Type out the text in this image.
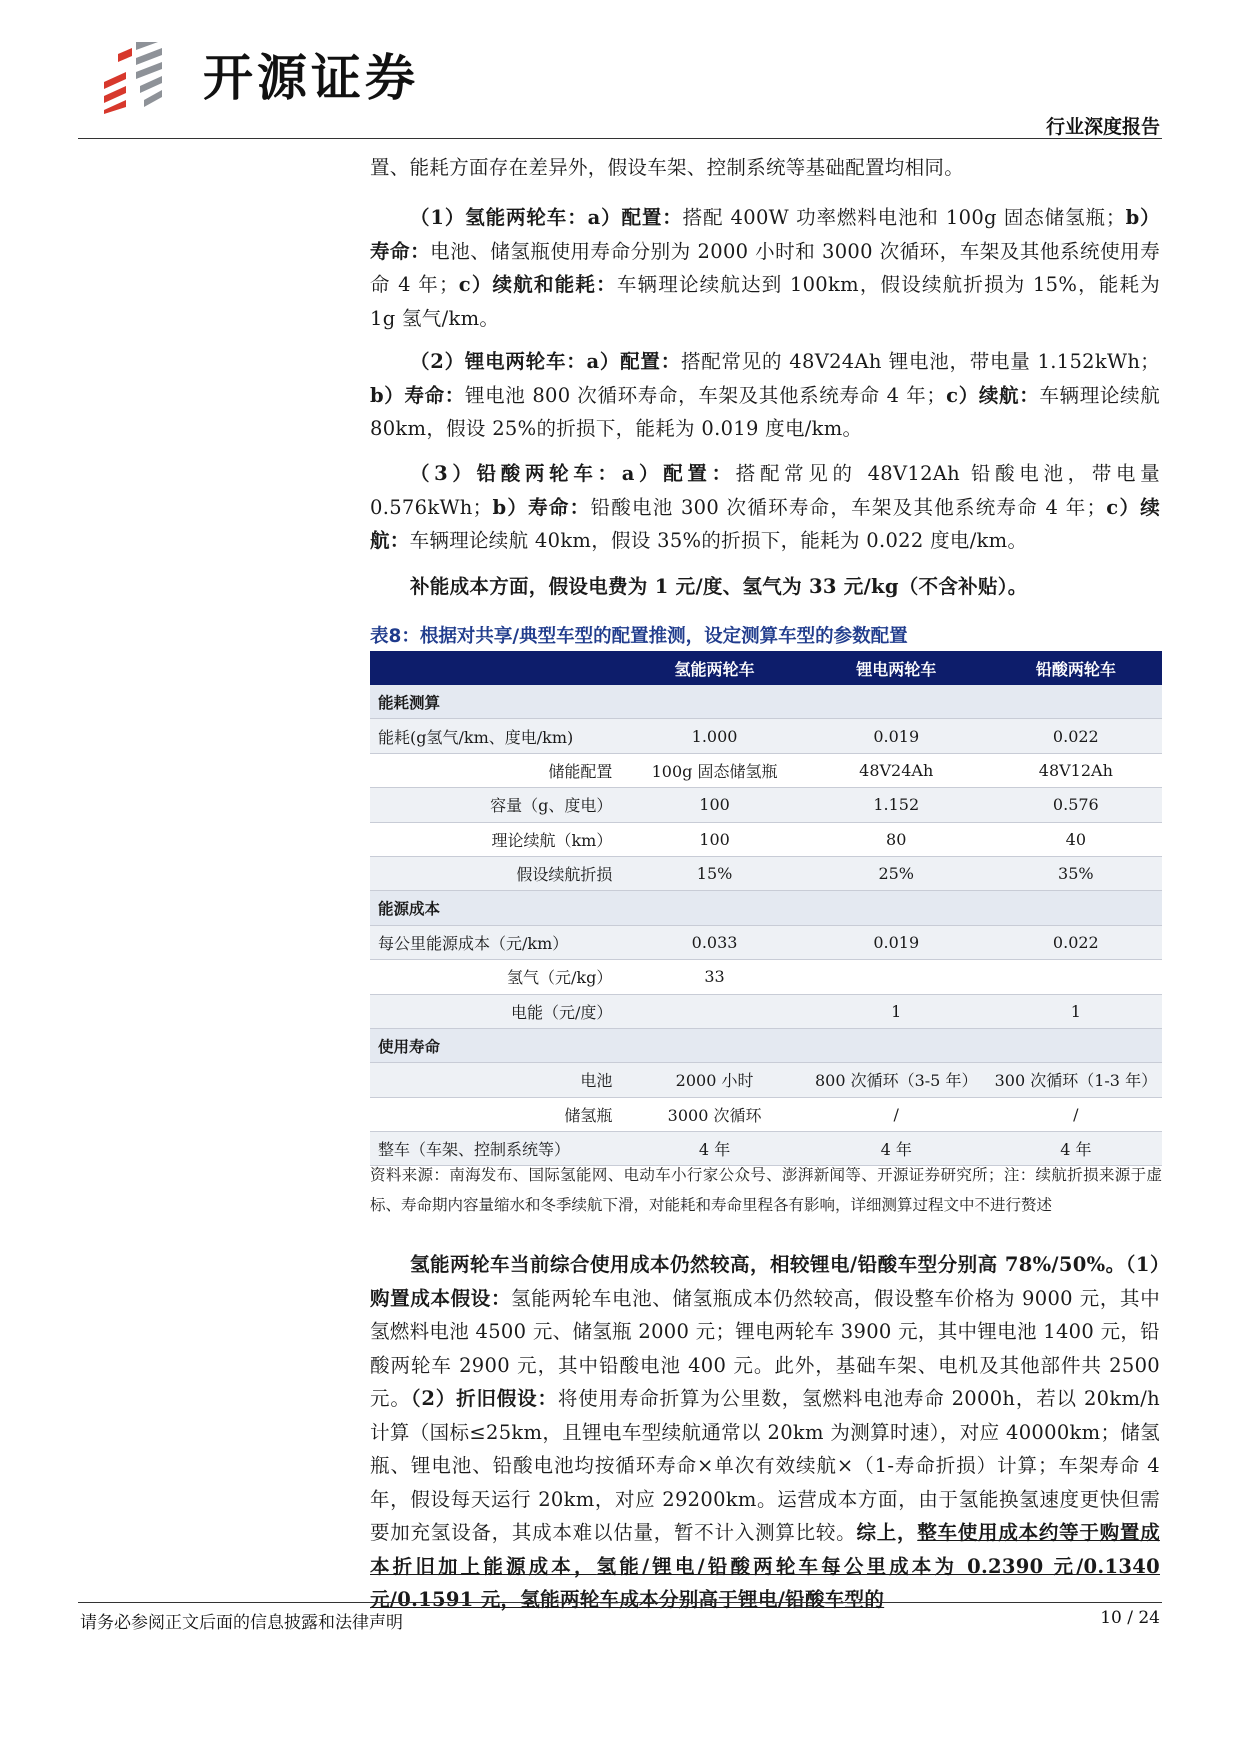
开源证券
行业深度报告
置、能耗方面存在差异外，假设车架、控制系统等基础配置均相同。
（1）氢能两轮车：a）配置：搭配 400W 功率燃料电池和 100g 固态储氢瓶；b）寿命：电池、储氢瓶使用寿命分别为 2000 小时和 3000 次循环，车架及其他系统使用寿命 4 年；c）续航和能耗：车辆理论续航达到 100km，假设续航折损为 15%，能耗为 1g 氢气/km。
（2）锂电两轮车：a）配置：搭配常见的 48V24Ah 锂电池，带电量 1.152kWh；b）寿命：锂电池 800 次循环寿命，车架及其他系统寿命 4 年；c）续航：车辆理论续航 80km，假设 25%的折损下，能耗为 0.019 度电/km。
（3）铅酸两轮车：a）配置：搭配常见的 48V12Ah 铅酸电池，带电量 0.576kWh；b）寿命：铅酸电池 300 次循环寿命，车架及其他系统寿命 4 年；c）续航：车辆理论续航 40km，假设 35%的折损下，能耗为 0.022 度电/km。
补能成本方面，假设电费为 1 元/度、氢气为 33 元/kg（不含补贴）。
表8：根据对共享/典型车型的配置推测，设定测算车型的参数配置
	氢能两轮车	锂电两轮车	铅酸两轮车
能耗测算			
能耗(g氢气/km、度电/km)	1.000	0.019	0.022
储能配置	100g 固态储氢瓶	48V24Ah	48V12Ah
容量（g、度电）	100	1.152	0.576
理论续航（km）	100	80	40
假设续航折损	15%	25%	35%
能源成本			
每公里能源成本（元/km）	0.033	0.019	0.022
氢气（元/kg）	33		
电能（元/度）		1	1
使用寿命			
电池	2000 小时	800 次循环（3-5 年）	300 次循环（1-3 年）
储氢瓶	3000 次循环	/	/
整车（车架、控制系统等）	4 年	4 年	4 年
资料来源：南海发布、国际氢能网、电动车小行家公众号、澎湃新闻等、开源证券研究所；注：续航折损来源于虚标、寿命期内容量缩水和冬季续航下滑，对能耗和寿命里程各有影响，详细测算过程文中不进行赘述
氢能两轮车当前综合使用成本仍然较高，相较锂电/铅酸车型分别高 78%/50%。（1）购置成本假设：氢能两轮车电池、储氢瓶成本仍然较高，假设整车价格为 9000 元，其中氢燃料电池 4500 元、储氢瓶 2000 元；锂电两轮车 3900 元，其中锂电池 1400 元，铅酸两轮车 2900 元，其中铅酸电池 400 元。此外，基础车架、电机及其他部件共 2500 元。（2）折旧假设：将使用寿命折算为公里数，氢燃料电池寿命 2000h，若以 20km/h 计算（国标≤25km，且锂电车型续航通常以 20km 为测算时速），对应 40000km；储氢瓶、锂电池、铅酸电池均按循环寿命×单次有效续航×（1-寿命折损）计算；车架寿命 4 年，假设每天运行 20km，对应 29200km。运营成本方面，由于氢能换氢速度更快但需要加充氢设备，其成本难以估量，暂不计入测算比较。综上，整车使用成本约等于购置成本折旧加上能源成本，氢能/锂电/铅酸两轮车每公里成本为 0.2390 元/0.1340 元/0.1591 元，氢能两轮车成本分别高于锂电/铅酸车型的
请务必参阅正文后面的信息披露和法律声明	10 / 24
